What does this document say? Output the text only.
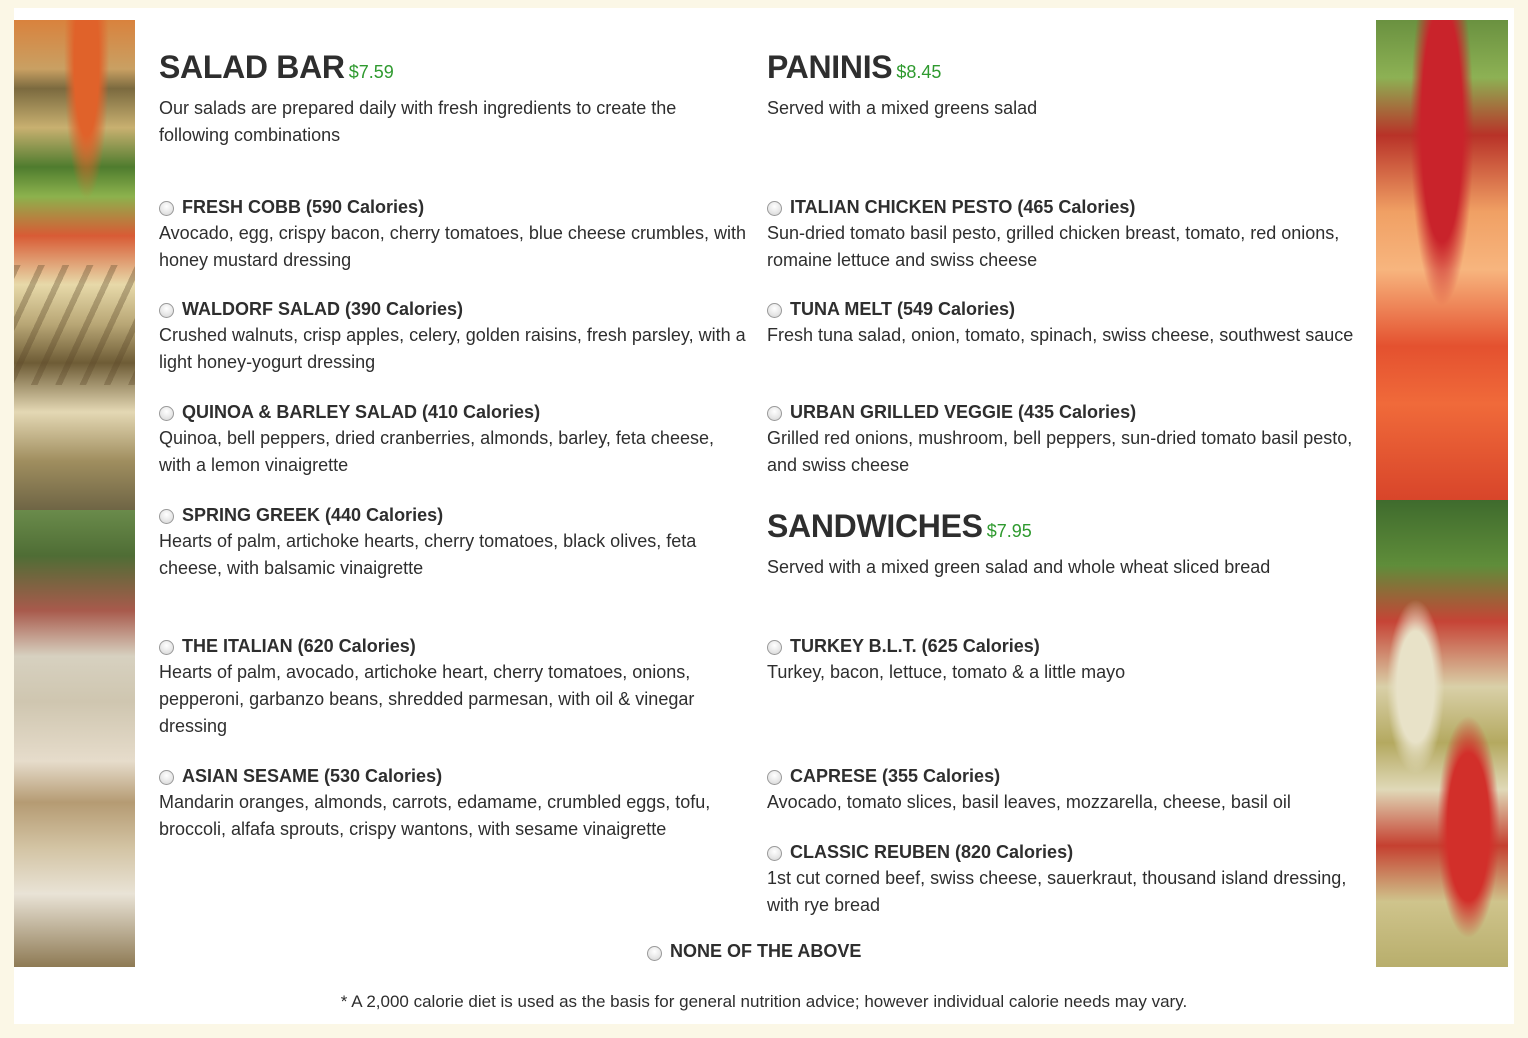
SALAD BAR $7.59

Our salads are prepared daily with fresh ingredients to create the following combinations

FRESH COBB (590 Calories)

Avocado, egg, crispy bacon, cherry tomatoes, blue cheese crumbles, with honey mustard dressing

WALDORF SALAD (390 Calories)

Crushed walnuts, crisp apples, celery, golden raisins, fresh parsley, with a light honey-yogurt dressing

QUINOA & BARLEY SALAD (410 Calories)

Quinoa, bell peppers, dried cranberries, almonds, barley, feta cheese, with a lemon vinaigrette

SPRING GREEK (440 Calories)

Hearts of palm, artichoke hearts, cherry tomatoes, black olives, feta cheese, with balsamic vinaigrette

THE ITALIAN (620 Calories)

Hearts of palm, avocado, artichoke heart, cherry tomatoes, onions, pepperoni, garbanzo beans, shredded parmesan, with oil & vinegar dressing

ASIAN SESAME (530 Calories)

Mandarin oranges, almonds, carrots, edamame, crumbled eggs, tofu, broccoli, alfafa sprouts, crispy wantons, with sesame vinaigrette

PANINIS $8.45

Served with a mixed greens salad

ITALIAN CHICKEN PESTO (465 Calories)

Sun-dried tomato basil pesto, grilled chicken breast, tomato, red onions, romaine lettuce and swiss cheese

TUNA MELT (549 Calories)

Fresh tuna salad, onion, tomato, spinach, swiss cheese, southwest sauce

URBAN GRILLED VEGGIE (435 Calories)

Grilled red onions, mushroom, bell peppers, sun-dried tomato basil pesto, and swiss cheese

SANDWICHES $7.95

Served with a mixed green salad and whole wheat sliced bread

TURKEY B.L.T. (625 Calories)

Turkey, bacon, lettuce, tomato & a little mayo

CAPRESE (355 Calories)

Avocado, tomato slices, basil leaves, mozzarella, cheese, basil oil

CLASSIC REUBEN (820 Calories)

1st cut corned beef, swiss cheese, sauerkraut, thousand island dressing, with rye bread

NONE OF THE ABOVE
* A 2,000 calorie diet is used as the basis for general nutrition advice; however individual calorie needs may vary.
